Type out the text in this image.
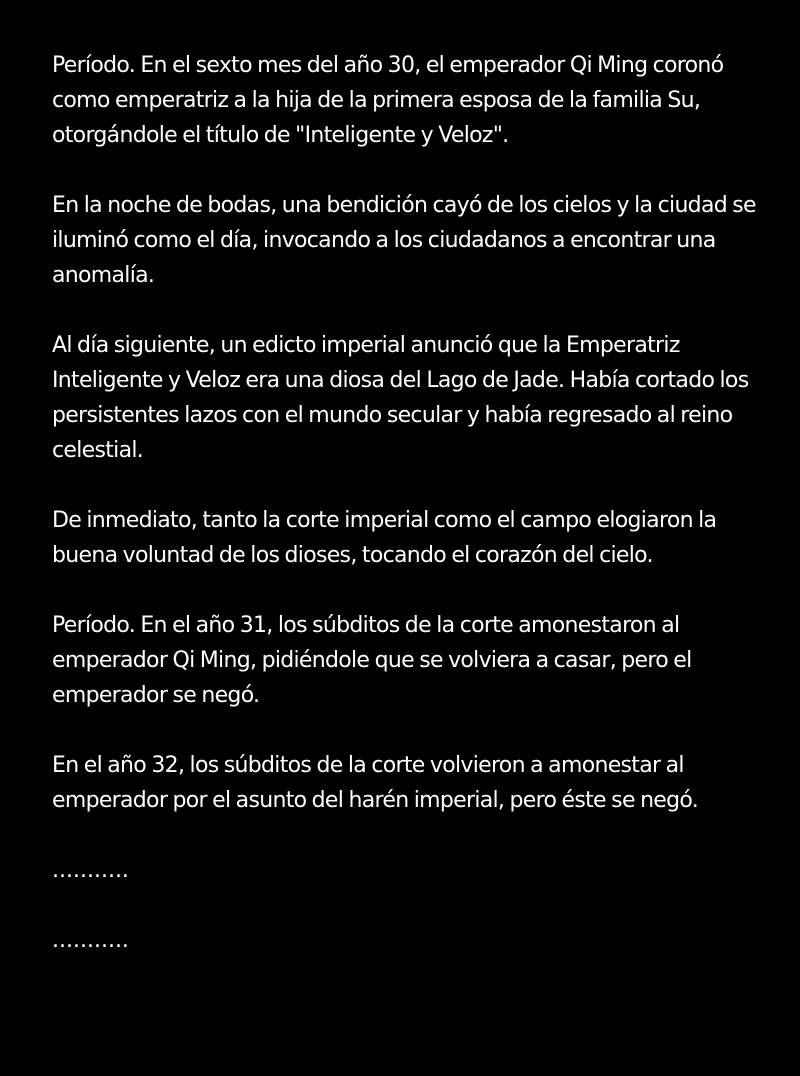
Período. En el sexto mes del año 30, el emperador Qi Ming coronó como emperatriz a la hija de la primera esposa de la familia Su, otorgándole el título de "Inteligente y Veloz".

En la noche de bodas, una bendición cayó de los cielos y la ciudad se iluminó como el día, invocando a los ciudadanos a encontrar una anomalía.

Al día siguiente, un edicto imperial anunció que la Emperatriz Inteligente y Veloz era una diosa del Lago de Jade. Había cortado los persistentes lazos con el mundo secular y había regresado al reino celestial.

De inmediato, tanto la corte imperial como el campo elogiaron la buena voluntad de los dioses, tocando el corazón del cielo.

Período. En el año 31, los súbditos de la corte amonestaron al emperador Qi Ming, pidiéndole que se volviera a casar, pero el emperador se negó.

En el año 32, los súbditos de la corte volvieron a amonestar al emperador por el asunto del harén imperial, pero éste se negó.

...........

...........
